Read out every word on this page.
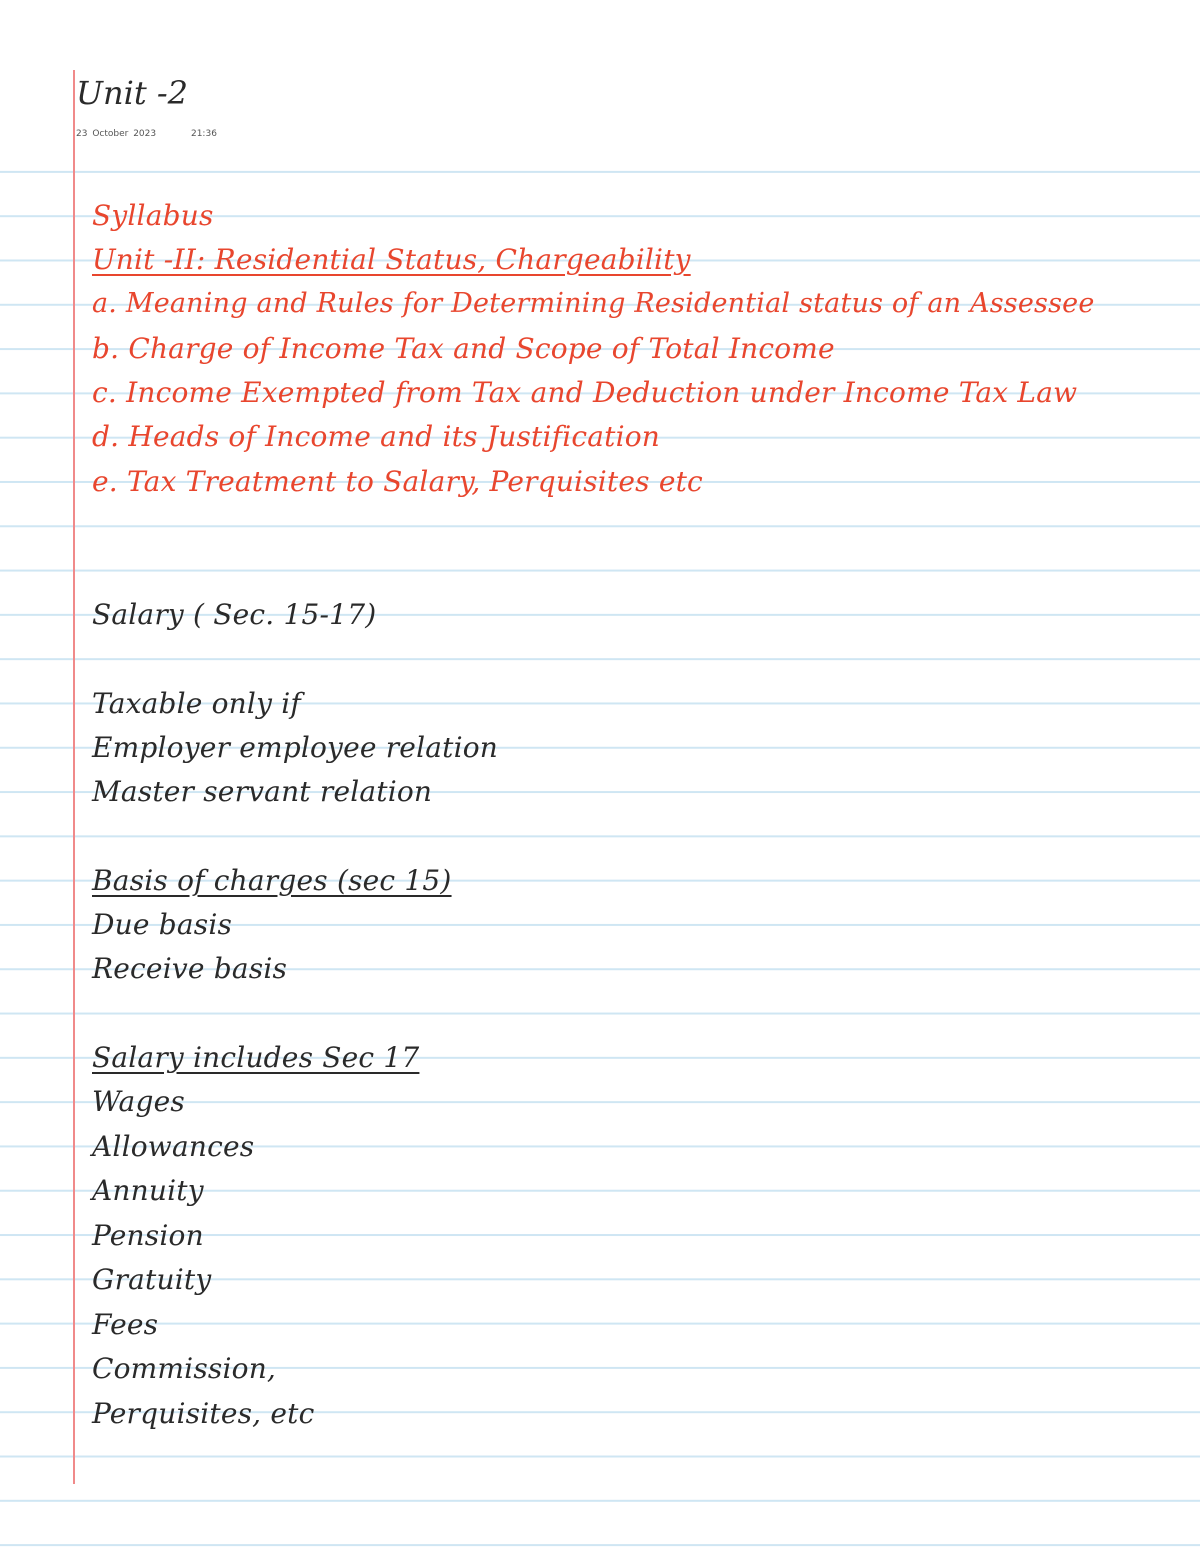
Unit -2
23 October 2023	21:36
Syllabus
Unit -II: Residential Status, Chargeability
a. Meaning and Rules for Determining Residential status of an Assessee
b. Charge of Income Tax and Scope of Total Income
c. Income Exempted from Tax and Deduction under Income Tax Law
d. Heads of Income and its Justification
e. Tax Treatment to Salary, Perquisites etc
Salary ( Sec. 15-17)
Taxable only if
Employer employee relation
Master servant relation
Basis of charges (sec 15)
Due basis
Receive basis
Salary includes Sec 17
Wages
Allowances
Annuity
Pension
Gratuity
Fees
Commission,
Perquisites, etc
